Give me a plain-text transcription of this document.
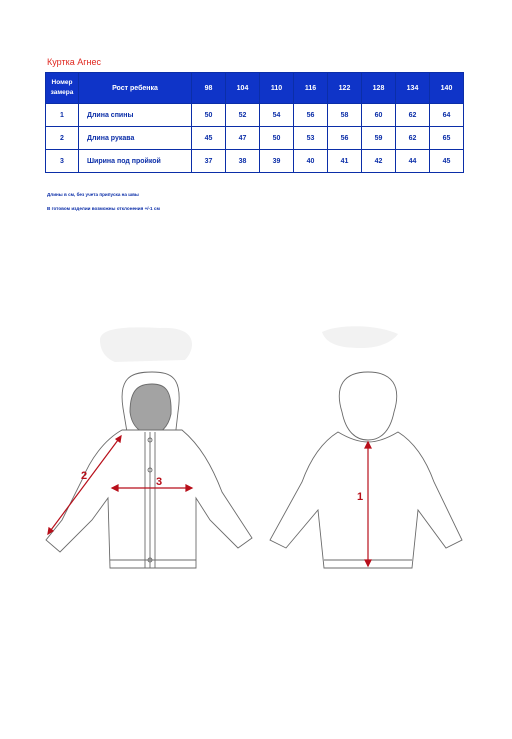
Куртка Агнес
Номер
замера	Рост ребенка	98	104	110	116	122	128	134	140
1	Длина спины	50	52	54	56	58	60	62	64
2	Длина рукава	45	47	50	53	56	59	62	65
3	Ширина под пройкой	37	38	39	40	41	42	44	45
Длины в см, без учета припуска на швы
В готовом изделии возможны отклонения +/-1 см
2	3
1
